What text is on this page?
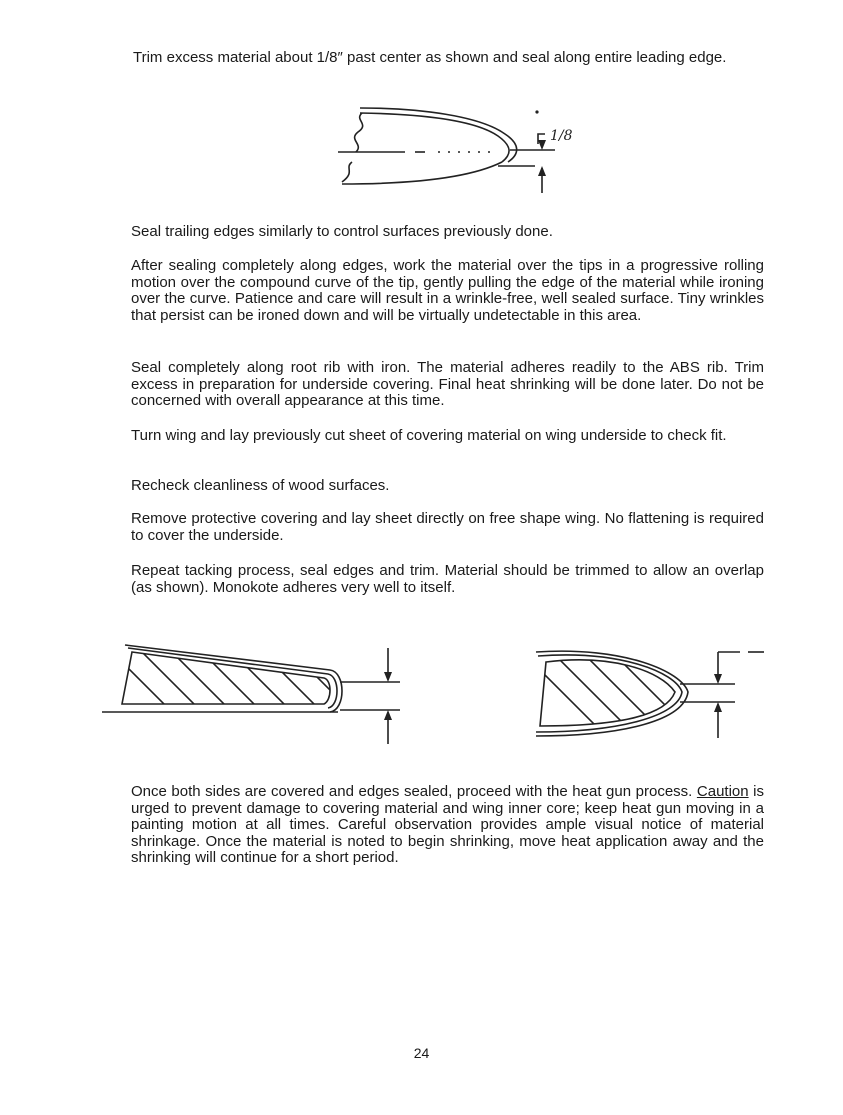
Trim excess material about 1/8″ past center as shown and seal along entire leading edge.

1/8

Seal trailing edges similarly to control surfaces previously done.

After sealing completely along edges, work the material over the tips in a progressive rolling motion over the compound curve of the tip, gently pulling the edge of the material while ironing over the curve. Patience and care will result in a wrinkle-free, well sealed surface. Tiny wrinkles that persist can be ironed down and will be virtually undetectable in this area.

Seal completely along root rib with iron. The material adheres readily to the ABS rib. Trim excess in preparation for underside covering. Final heat shrinking will be done later. Do not be concerned with overall appearance at this time.

Turn wing and lay previously cut sheet of covering material on wing underside to check fit.

Recheck cleanliness of wood surfaces.

Remove protective covering and lay sheet directly on free shape wing. No flattening is required to cover the underside.

Repeat tacking process, seal edges and trim. Material should be trimmed to allow an overlap (as shown). Monokote adheres very well to itself.

Once both sides are covered and edges sealed, proceed with the heat gun process. Caution is urged to prevent damage to covering material and wing inner core; keep heat gun moving in a painting motion at all times. Careful observation provides ample visual notice of material shrinkage. Once the material is noted to begin shrinking, move heat application away and the shrinking will continue for a short period.

24
